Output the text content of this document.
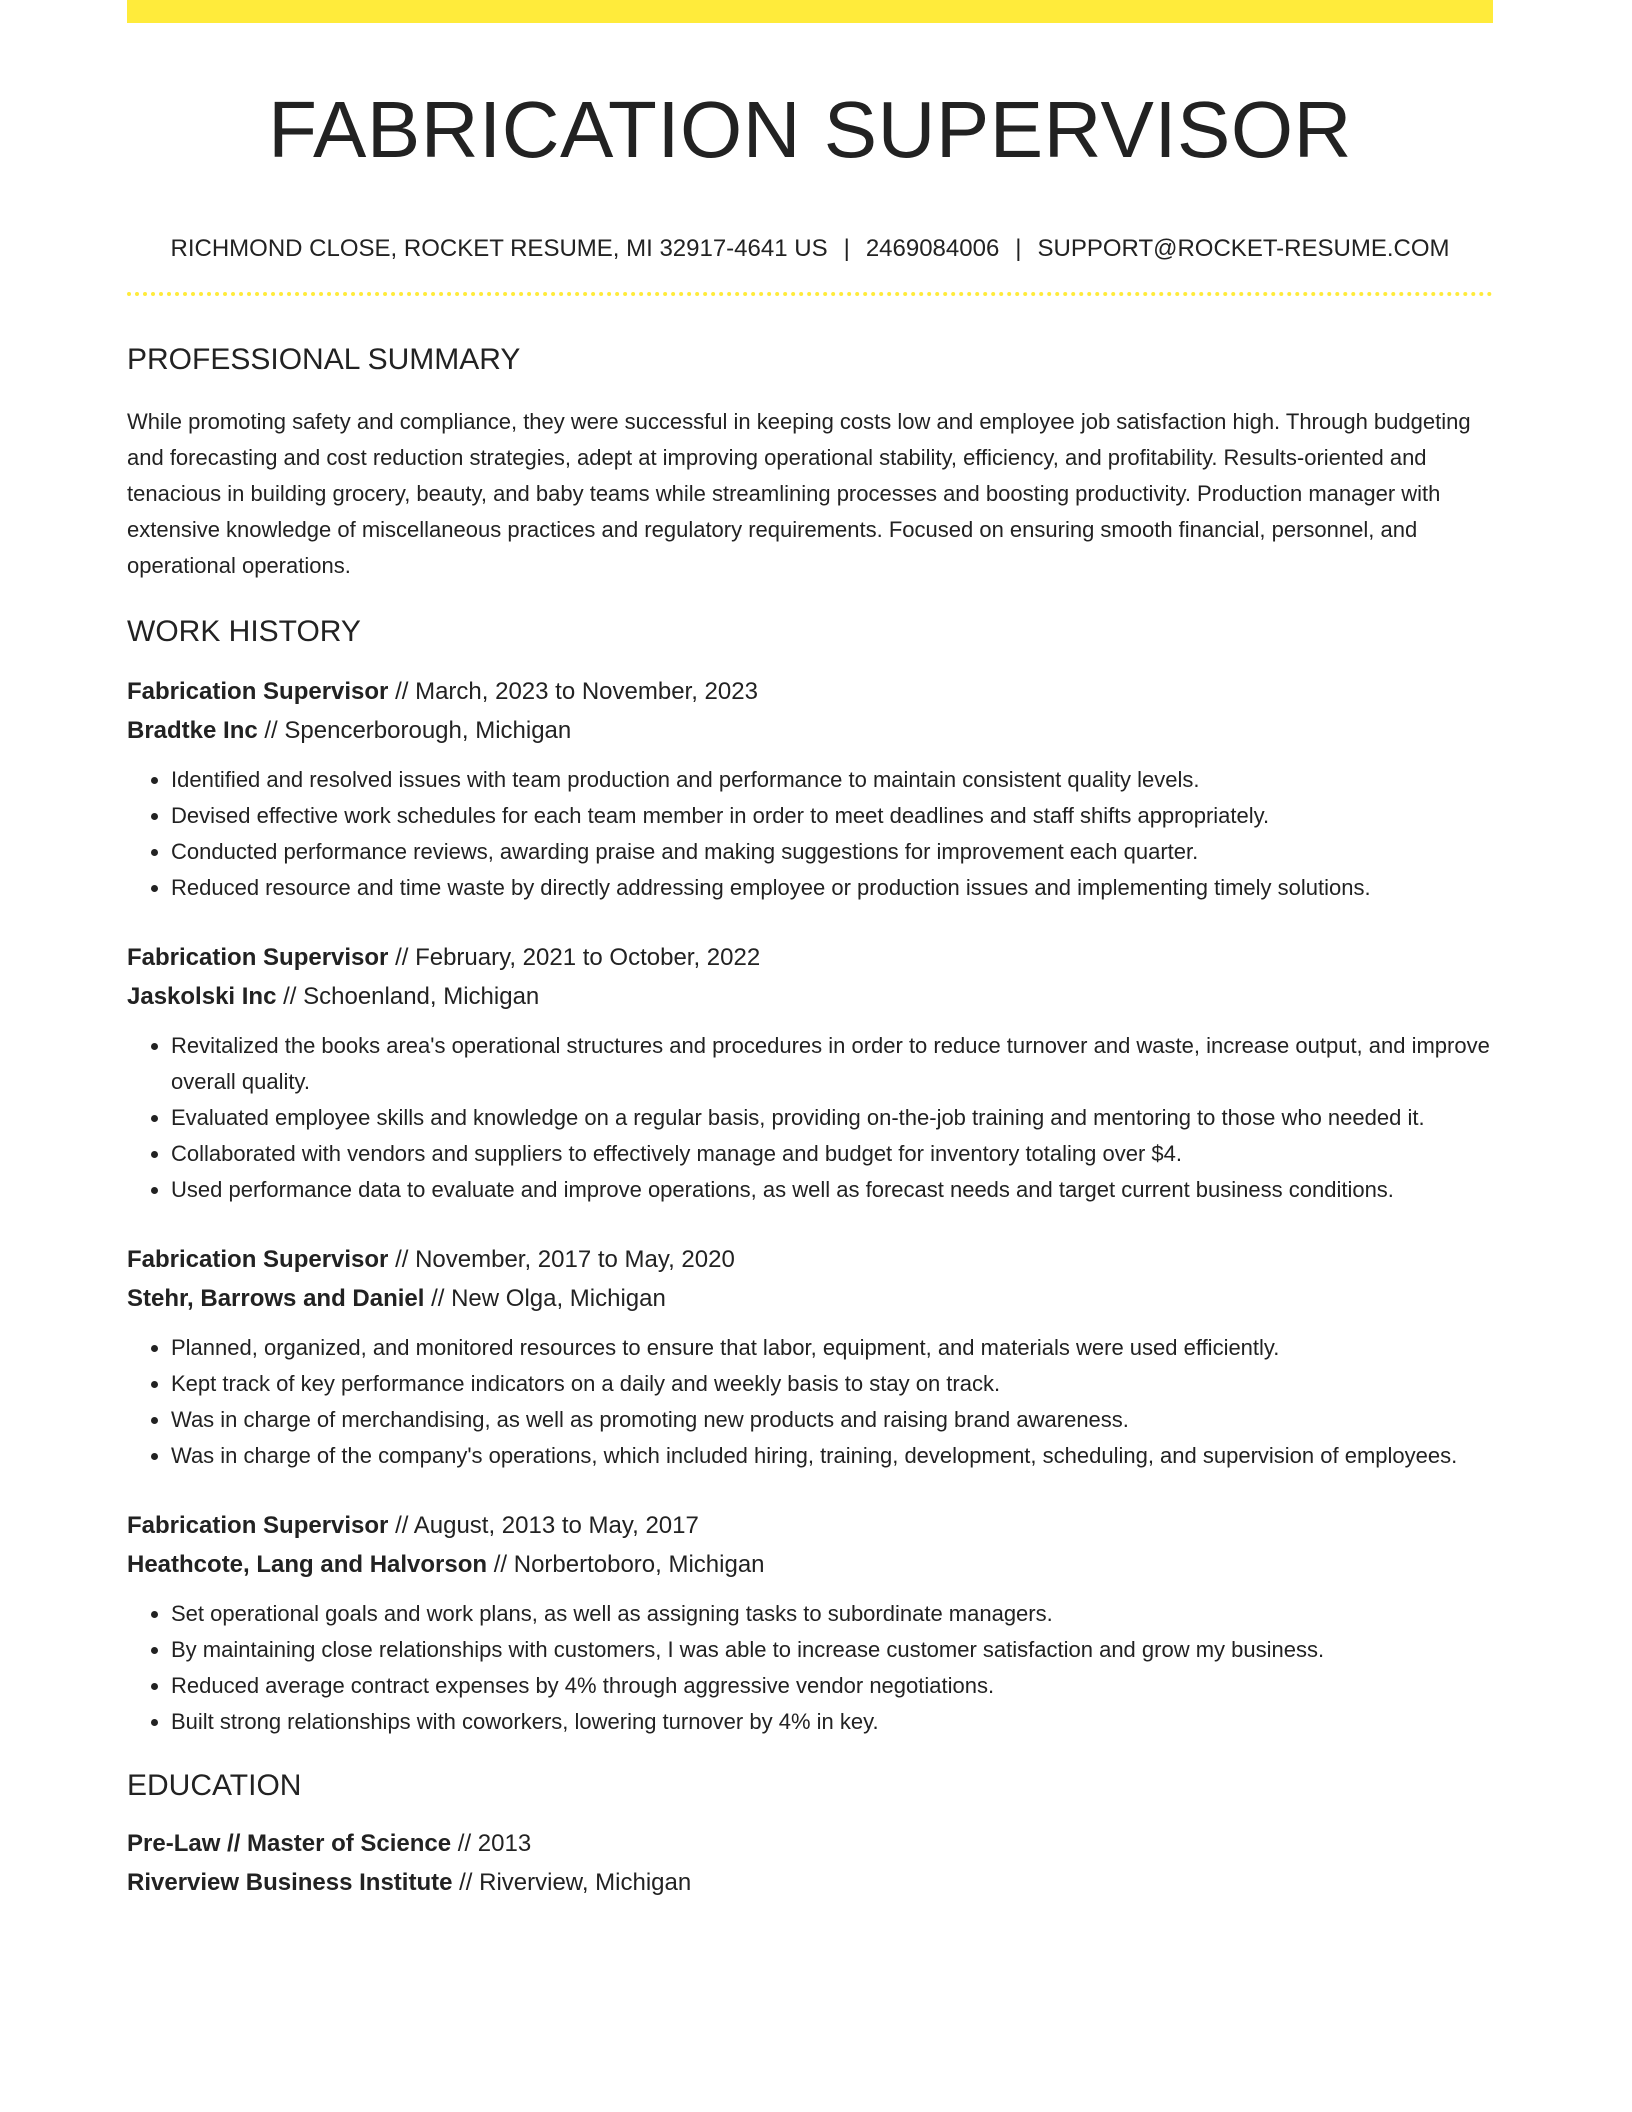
FABRICATION SUPERVISOR
RICHMOND CLOSE, ROCKET RESUME, MI 32917-4641 US | 2469084006 | SUPPORT@ROCKET-RESUME.COM
PROFESSIONAL SUMMARY
While promoting safety and compliance, they were successful in keeping costs low and employee job satisfaction high. Through budgeting and forecasting and cost reduction strategies, adept at improving operational stability, efficiency, and profitability. Results-oriented and tenacious in building grocery, beauty, and baby teams while streamlining processes and boosting productivity. Production manager with extensive knowledge of miscellaneous practices and regulatory requirements. Focused on ensuring smooth financial, personnel, and operational operations.
WORK HISTORY
Fabrication Supervisor // March, 2023 to November, 2023
Bradtke Inc // Spencerborough, Michigan
• Identified and resolved issues with team production and performance to maintain consistent quality levels.
• Devised effective work schedules for each team member in order to meet deadlines and staff shifts appropriately.
• Conducted performance reviews, awarding praise and making suggestions for improvement each quarter.
• Reduced resource and time waste by directly addressing employee or production issues and implementing timely solutions.
Fabrication Supervisor // February, 2021 to October, 2022
Jaskolski Inc // Schoenland, Michigan
• Revitalized the books area's operational structures and procedures in order to reduce turnover and waste, increase output, and improve overall quality.
• Evaluated employee skills and knowledge on a regular basis, providing on-the-job training and mentoring to those who needed it.
• Collaborated with vendors and suppliers to effectively manage and budget for inventory totaling over $4.
• Used performance data to evaluate and improve operations, as well as forecast needs and target current business conditions.
Fabrication Supervisor // November, 2017 to May, 2020
Stehr, Barrows and Daniel // New Olga, Michigan
• Planned, organized, and monitored resources to ensure that labor, equipment, and materials were used efficiently.
• Kept track of key performance indicators on a daily and weekly basis to stay on track.
• Was in charge of merchandising, as well as promoting new products and raising brand awareness.
• Was in charge of the company's operations, which included hiring, training, development, scheduling, and supervision of employees.
Fabrication Supervisor // August, 2013 to May, 2017
Heathcote, Lang and Halvorson // Norbertoboro, Michigan
• Set operational goals and work plans, as well as assigning tasks to subordinate managers.
• By maintaining close relationships with customers, I was able to increase customer satisfaction and grow my business.
• Reduced average contract expenses by 4% through aggressive vendor negotiations.
• Built strong relationships with coworkers, lowering turnover by 4% in key.
EDUCATION
Pre-Law // Master of Science // 2013
Riverview Business Institute // Riverview, Michigan
